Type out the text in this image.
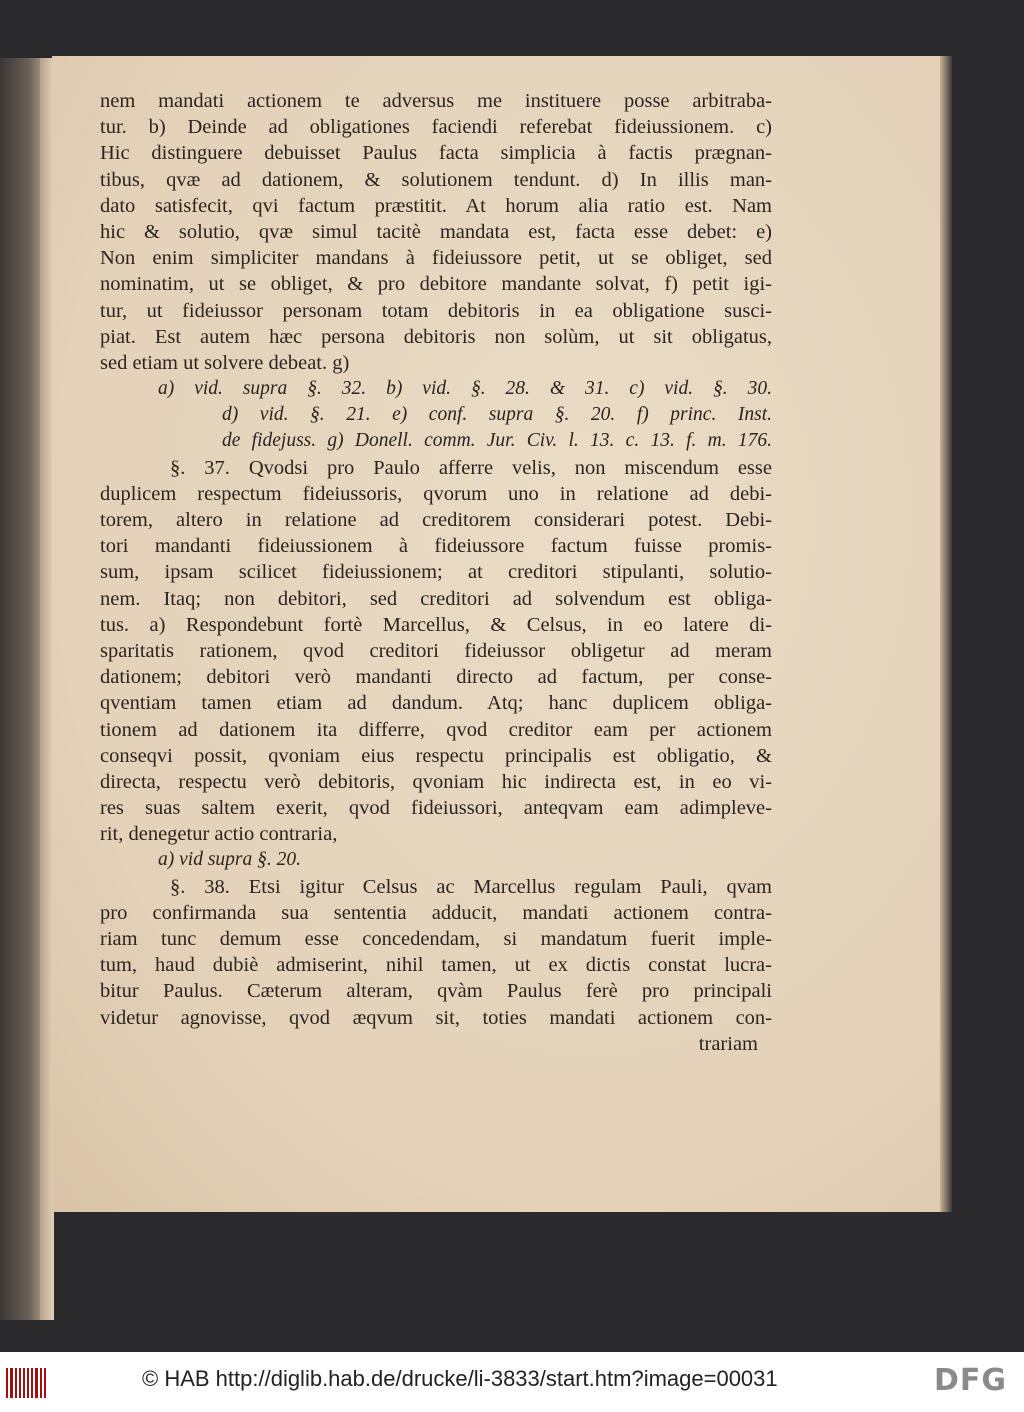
nem mandati actionem te adversus me instituere posse arbitraba-
tur. b) Deinde ad obligationes faciendi referebat fideiussionem. c)
Hic distinguere debuisset Paulus facta simplicia à factis prægnan-
tibus, qvæ ad dationem, & solutionem tendunt. d) In illis man-
dato satisfecit, qvi factum præstitit. At horum alia ratio est. Nam
hic & solutio, qvæ simul tacitè mandata est, facta esse debet: e)
Non enim simpliciter mandans à fideiussore petit, ut se obliget, sed
nominatim, ut se obliget, & pro debitore mandante solvat, f) petit igi-
tur, ut fideiussor personam totam debitoris in ea obligatione susci-
piat. Est autem hæc persona debitoris non solùm, ut sit obligatus,
sed etiam ut solvere debeat. g)
a) vid. supra §. 32. b) vid. §. 28. & 31. c) vid. §. 30.
d) vid. §. 21. e) conf. supra §. 20. f) princ. Inst.
de fidejuss. g) Donell. comm. Jur. Civ. l. 13. c. 13. f. m. 176.
§. 37. Qvodsi pro Paulo afferre velis, non miscendum esse
duplicem respectum fideiussoris, qvorum uno in relatione ad debi-
torem, altero in relatione ad creditorem considerari potest. Debi-
tori mandanti fideiussionem à fideiussore factum fuisse promis-
sum, ipsam scilicet fideiussionem; at creditori stipulanti, solutio-
nem. Itaq; non debitori, sed creditori ad solvendum est obliga-
tus. a) Respondebunt fortè Marcellus, & Celsus, in eo latere di-
sparitatis rationem, qvod creditori fideiussor obligetur ad meram
dationem; debitori verò mandanti directo ad factum, per conse-
qventiam tamen etiam ad dandum. Atq; hanc duplicem obliga-
tionem ad dationem ita differre, qvod creditor eam per actionem
conseqvi possit, qvoniam eius respectu principalis est obligatio, &
directa, respectu verò debitoris, qvoniam hic indirecta est, in eo vi-
res suas saltem exerit, qvod fideiussori, anteqvam eam adimpleve-
rit, denegetur actio contraria,
a) vid supra §. 20.
§. 38. Etsi igitur Celsus ac Marcellus regulam Pauli, qvam
pro confirmanda sua sententia adducit, mandati actionem contra-
riam tunc demum esse concedendam, si mandatum fuerit imple-
tum, haud dubiè admiserint, nihil tamen, ut ex dictis constat lucra-
bitur Paulus. Cæterum alteram, qvàm Paulus ferè pro principali
videtur agnovisse, qvod æqvum sit, toties mandati actionem con-
trariam
© HAB http://diglib.hab.de/drucke/li-3833/start.htm?image=00031	DFG
